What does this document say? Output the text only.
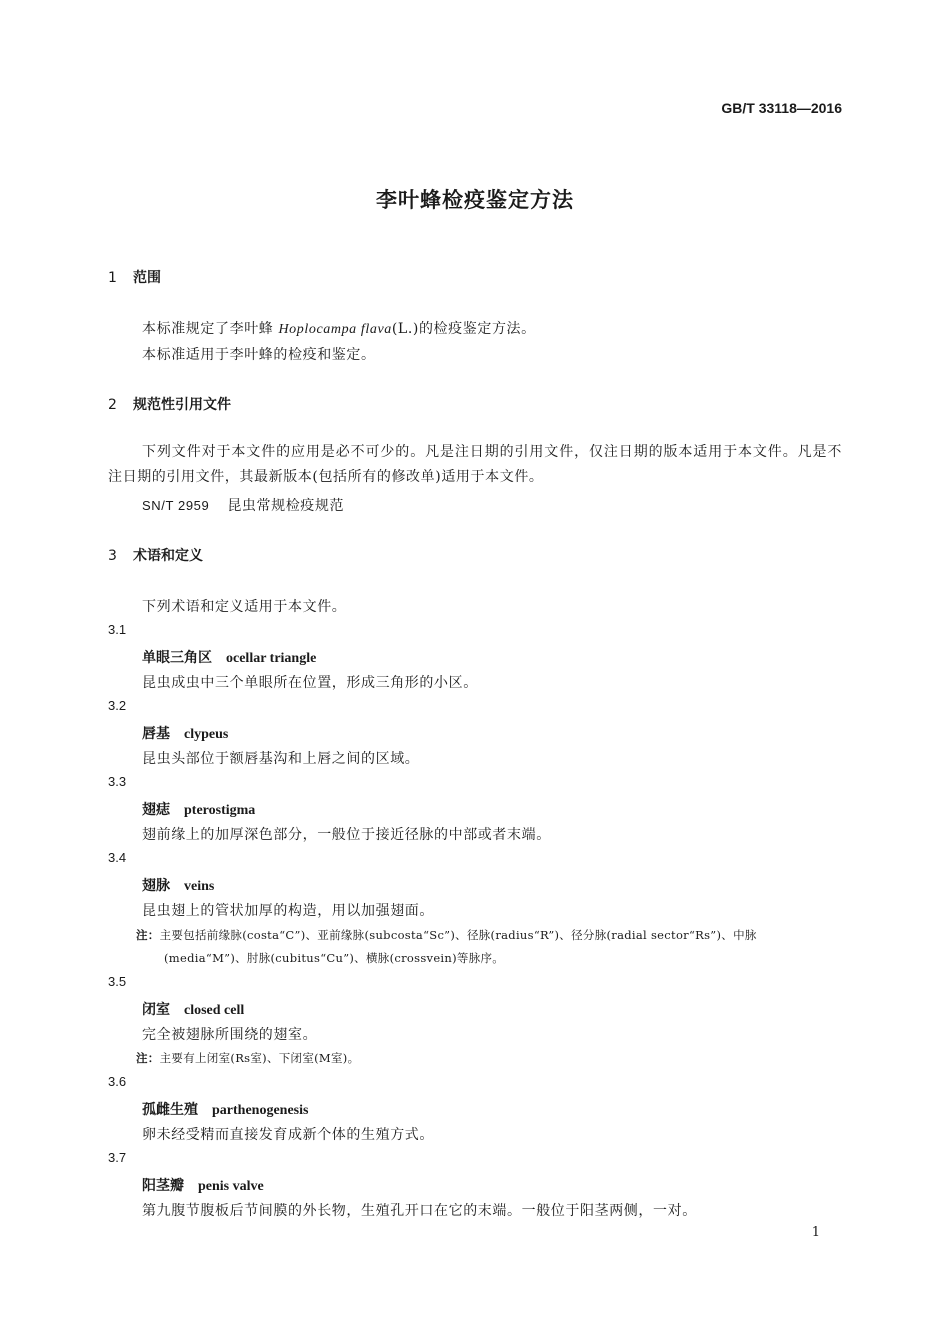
GB/T 33118—2016
李叶蜂检疫鉴定方法
1 范围
本标准规定了李叶蜂 Hoplocampa flava(L.)的检疫鉴定方法。
本标准适用于李叶蜂的检疫和鉴定。
2 规范性引用文件
下列文件对于本文件的应用是必不可少的。凡是注日期的引用文件，仅注日期的版本适用于本文件。凡是不注日期的引用文件，其最新版本(包括所有的修改单)适用于本文件。
SN/T 2959 昆虫常规检疫规范
3 术语和定义
下列术语和定义适用于本文件。
3.1
单眼三角区 ocellar triangle
昆虫成虫中三个单眼所在位置，形成三角形的小区。
3.2
唇基 clypeus
昆虫头部位于额唇基沟和上唇之间的区域。
3.3
翅痣 pterostigma
翅前缘上的加厚深色部分，一般位于接近径脉的中部或者末端。
3.4
翅脉 veins
昆虫翅上的管状加厚的构造，用以加强翅面。
注：主要包括前缘脉(costa“C”)、亚前缘脉(subcosta“Sc”)、径脉(radius“R”)、径分脉(radial sector“Rs”)、中脉
(media“M”)、肘脉(cubitus“Cu”)、横脉(crossvein)等脉序。
3.5
闭室 closed cell
完全被翅脉所围绕的翅室。
注：主要有上闭室(Rs室)、下闭室(M室)。
3.6
孤雌生殖 parthenogenesis
卵未经受精而直接发育成新个体的生殖方式。
3.7
阳茎瓣 penis valve
第九腹节腹板后节间膜的外长物，生殖孔开口在它的末端。一般位于阳茎两侧，一对。
1
